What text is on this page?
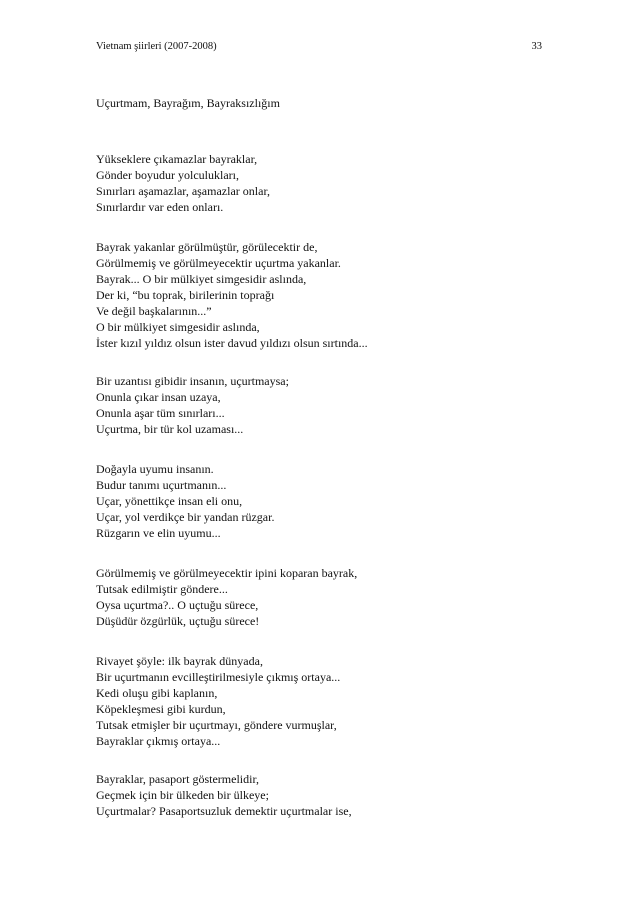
Vietnam şiirleri (2007-2008)	33
Uçurtmam, Bayrağım, Bayraksızlığım
Yükseklere çıkamazlar bayraklar,
Gönder boyudur yolculukları,
Sınırları aşamazlar, aşamazlar onlar,
Sınırlardır var eden onları.
Bayrak yakanlar görülmüştür, görülecektir de,
Görülmemiş ve görülmeyecektir uçurtma yakanlar.
Bayrak... O bir mülkiyet simgesidir aslında,
Der ki, “bu toprak, birilerinin toprağı
Ve değil başkalarının...”
O bir mülkiyet simgesidir aslında,
İster kızıl yıldız olsun ister davud yıldızı olsun sırtında...
Bir uzantısı gibidir insanın, uçurtmaysa;
Onunla çıkar insan uzaya,
Onunla aşar tüm sınırları...
Uçurtma, bir tür kol uzaması...
Doğayla uyumu insanın.
Budur tanımı uçurtmanın...
Uçar, yönettikçe insan eli onu,
Uçar, yol verdikçe bir yandan rüzgar.
Rüzgarın ve elin uyumu...
Görülmemiş ve görülmeyecektir ipini koparan bayrak,
Tutsak edilmiştir göndere...
Oysa uçurtma?.. O uçtuğu sürece,
Düşüdür özgürlük, uçtuğu sürece!
Rivayet şöyle: ilk bayrak dünyada,
Bir uçurtmanın evcilleştirilmesiyle çıkmış ortaya...
Kedi oluşu gibi kaplanın,
Köpekleşmesi gibi kurdun,
Tutsak etmişler bir uçurtmayı, göndere vurmuşlar,
Bayraklar çıkmış ortaya...
Bayraklar, pasaport göstermelidir,
Geçmek için bir ülkeden bir ülkeye;
Uçurtmalar? Pasaportsuzluk demektir uçurtmalar ise,
